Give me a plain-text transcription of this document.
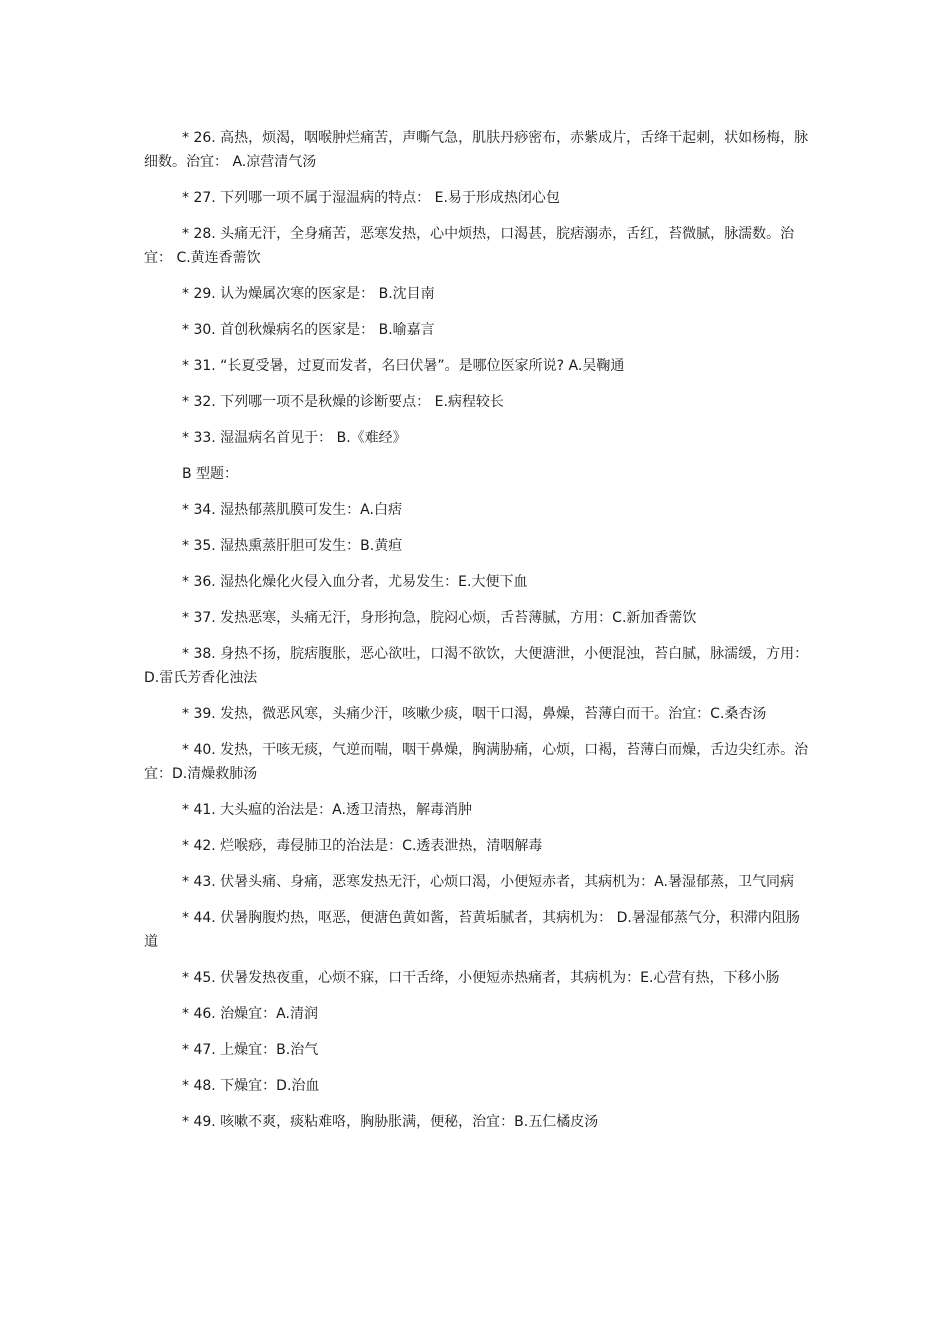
* 26. 高热，烦渴，咽喉肿烂痛苦，声嘶气急，肌肤丹痧密布，赤紫成片，舌绛干起刺，状如杨梅，脉细数。治宜： A.凉营清气汤

* 27. 下列哪一项不属于湿温病的特点： E.易于形成热闭心包

* 28. 头痛无汗，全身痛苦，恶寒发热，心中烦热，口渴甚，脘痞溺赤，舌红，苔微腻，脉濡数。治宜： C.黄连香薷饮

* 29. 认为燥属次寒的医家是： B.沈目南

* 30. 首创秋燥病名的医家是： B.喻嘉言

* 31. “长夏受暑，过夏而发者，名曰伏暑”。是哪位医家所说? A.吴鞠通

* 32. 下列哪一项不是秋燥的诊断要点： E.病程较长

* 33. 湿温病名首见于： B.《难经》

B 型题：

* 34. 湿热郁蒸肌膜可发生：A.白痞

* 35. 湿热熏蒸肝胆可发生：B.黄疸

* 36. 湿热化燥化火侵入血分者，尤易发生：E.大便下血

* 37. 发热恶寒，头痛无汗，身形拘急，脘闷心烦，舌苔薄腻，方用：C.新加香薷饮

* 38. 身热不扬，脘痞腹胀，恶心欲吐，口渴不欲饮，大便溏泄，小便混浊，苔白腻，脉濡缓，方用：D.雷氏芳香化浊法

* 39. 发热，微恶风寒，头痛少汗，咳嗽少痰，咽干口渴，鼻燥，苔薄白而干。治宜：C.桑杏汤

* 40. 发热，干咳无痰，气逆而喘，咽干鼻燥，胸满胁痛，心烦，口褐，苔薄白而燥，舌边尖红赤。治宜：D.清燥救肺汤

* 41. 大头瘟的治法是：A.透卫清热，解毒消肿

* 42. 烂喉痧，毒侵肺卫的治法是：C.透表泄热，清咽解毒

* 43. 伏暑头痛、身痛，恶寒发热无汗，心烦口渴，小便短赤者，其病机为：A.暑湿郁蒸，卫气同病

* 44. 伏暑胸腹灼热，呕恶，便溏色黄如酱，苔黄垢腻者，其病机为： D.暑湿郁蒸气分，积滞内阻肠道

* 45. 伏暑发热夜重，心烦不寐，口干舌绛，小便短赤热痛者，其病机为：E.心营有热，下移小肠

* 46. 治燥宜：A.清润

* 47. 上燥宜：B.治气

* 48. 下燥宜：D.治血

* 49. 咳嗽不爽，痰粘难咯，胸胁胀满，便秘，治宜：B.五仁橘皮汤
